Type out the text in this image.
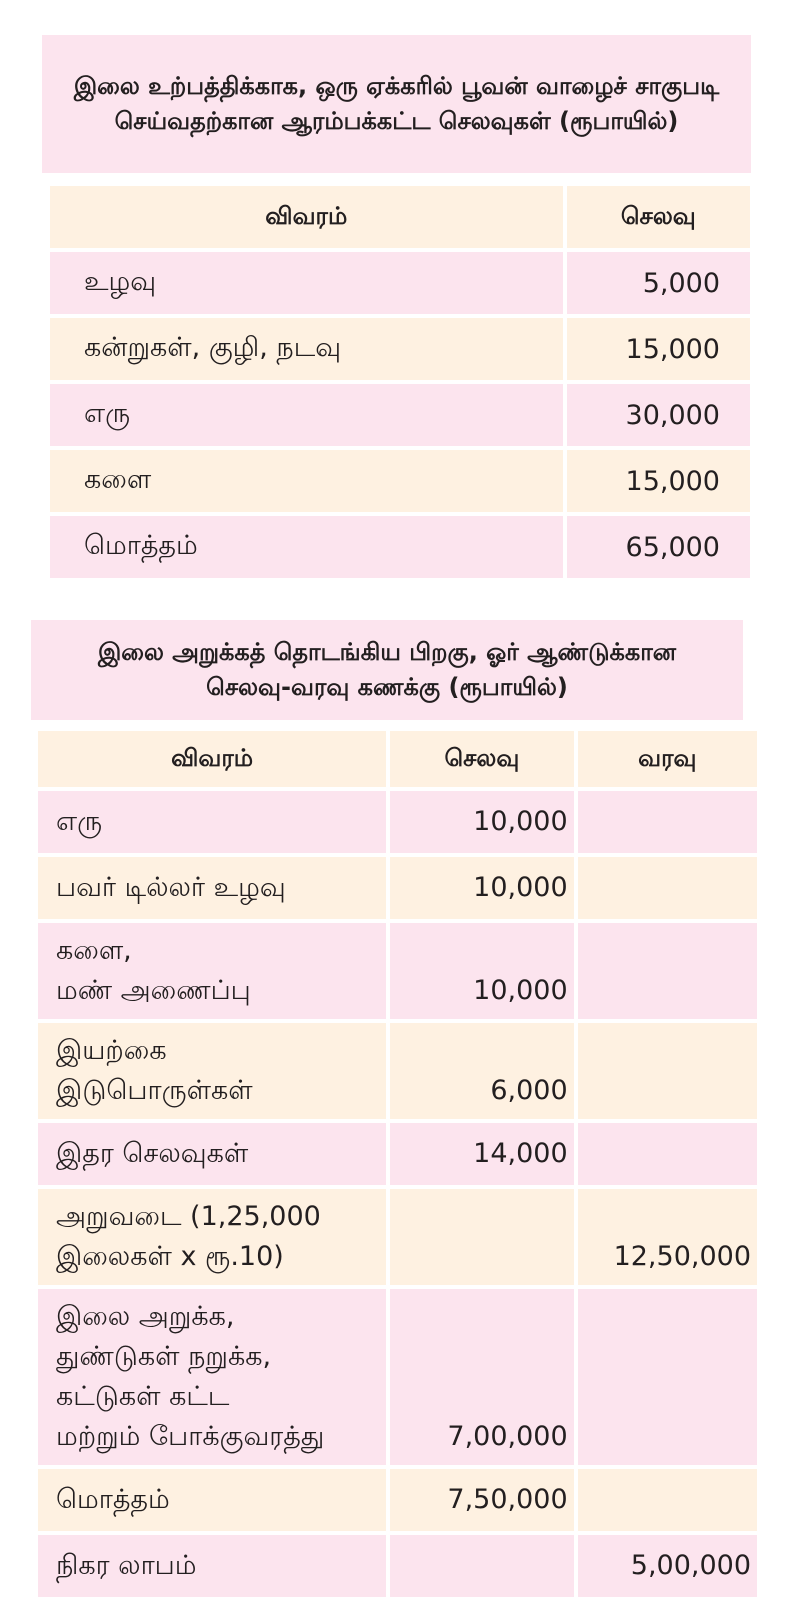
இலை உற்பத்திக்காக, ஒரு ஏக்கரில் பூவன் வாழைச் சாகுபடி செய்வதற்கான ஆரம்பக்கட்ட செலவுகள் (ரூபாயில்)
விவரம்	செலவு
உழவு	5,000
கன்றுகள், குழி, நடவு	15,000
எரு	30,000
களை	15,000
மொத்தம்	65,000
இலை அறுக்கத் தொடங்கிய பிறகு, ஓர் ஆண்டுக்கான செலவு-வரவு கணக்கு (ரூபாயில்)
விவரம்	செலவு	வரவு
எரு	10,000	
பவர் டில்லர் உழவு	10,000	
களை,
மண் அணைப்பு	10,000	
இயற்கை
இடுபொருள்கள்	6,000	
இதர செலவுகள்	14,000	
அறுவடை (1,25,000
இலைகள் x ரூ.10)		12,50,000
இலை அறுக்க,
துண்டுகள் நறுக்க,
கட்டுகள் கட்ட
மற்றும் போக்குவரத்து	7,00,000	
மொத்தம்	7,50,000	
நிகர லாபம்		5,00,000
